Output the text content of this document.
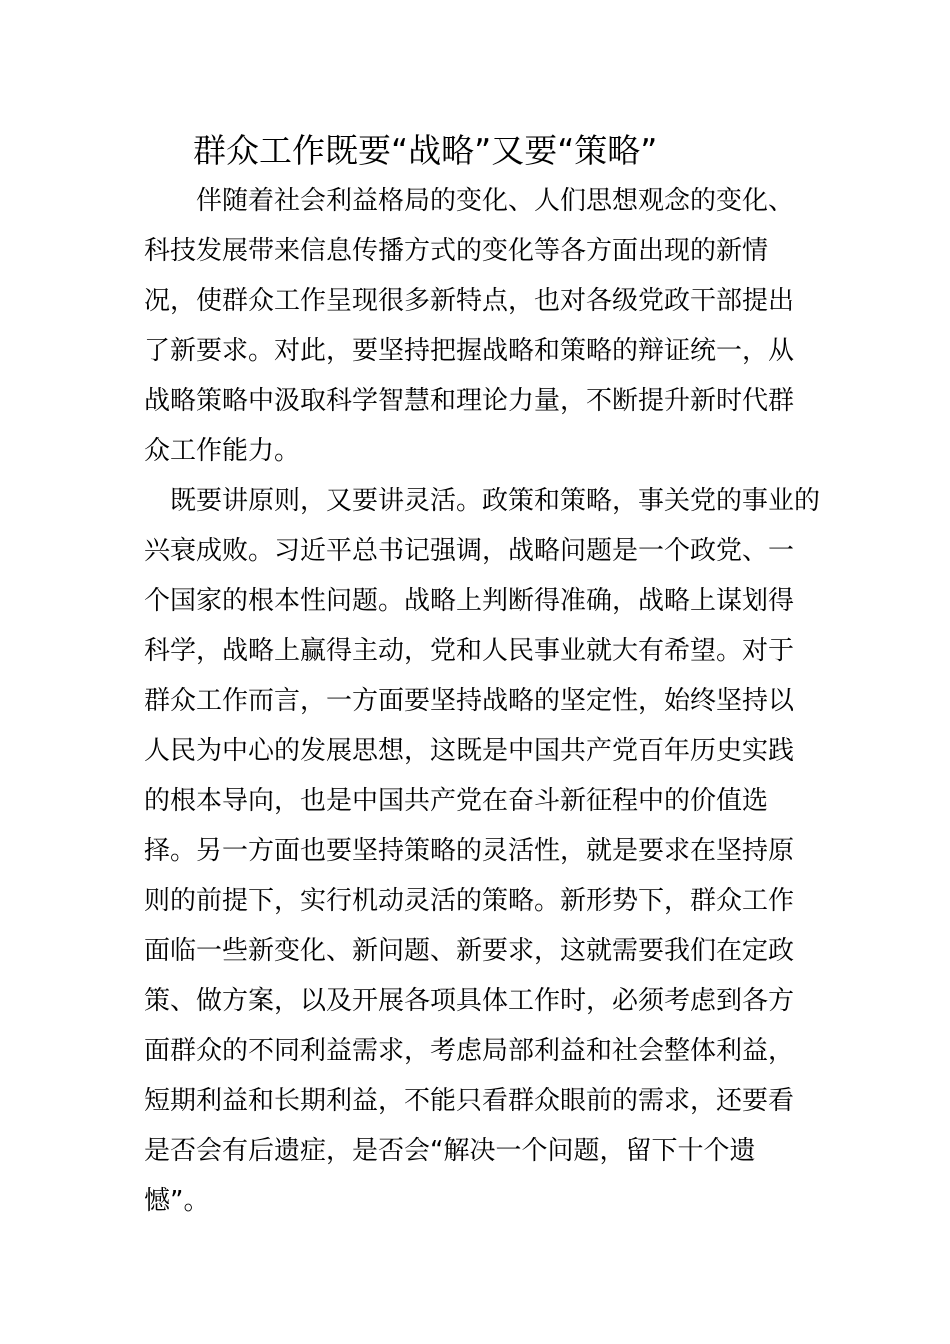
群众工作既要“战略”又要“策略”
　　伴随着社会利益格局的变化、人们思想观念的变化、
科技发展带来信息传播方式的变化等各方面出现的新情
况，使群众工作呈现很多新特点，也对各级党政干部提出
了新要求。对此，要坚持把握战略和策略的辩证统一，从
战略策略中汲取科学智慧和理论力量，不断提升新时代群
众工作能力。
　既要讲原则，又要讲灵活。政策和策略，事关党的事业的
兴衰成败。习近平总书记强调，战略问题是一个政党、一
个国家的根本性问题。战略上判断得准确，战略上谋划得
科学，战略上赢得主动，党和人民事业就大有希望。对于
群众工作而言，一方面要坚持战略的坚定性，始终坚持以
人民为中心的发展思想，这既是中国共产党百年历史实践
的根本导向，也是中国共产党在奋斗新征程中的价值选
择。另一方面也要坚持策略的灵活性，就是要求在坚持原
则的前提下，实行机动灵活的策略。新形势下，群众工作
面临一些新变化、新问题、新要求，这就需要我们在定政
策、做方案，以及开展各项具体工作时，必须考虑到各方
面群众的不同利益需求，考虑局部利益和社会整体利益，
短期利益和长期利益，不能只看群众眼前的需求，还要看
是否会有后遗症，是否会“解决一个问题，留下十个遗
憾”。
